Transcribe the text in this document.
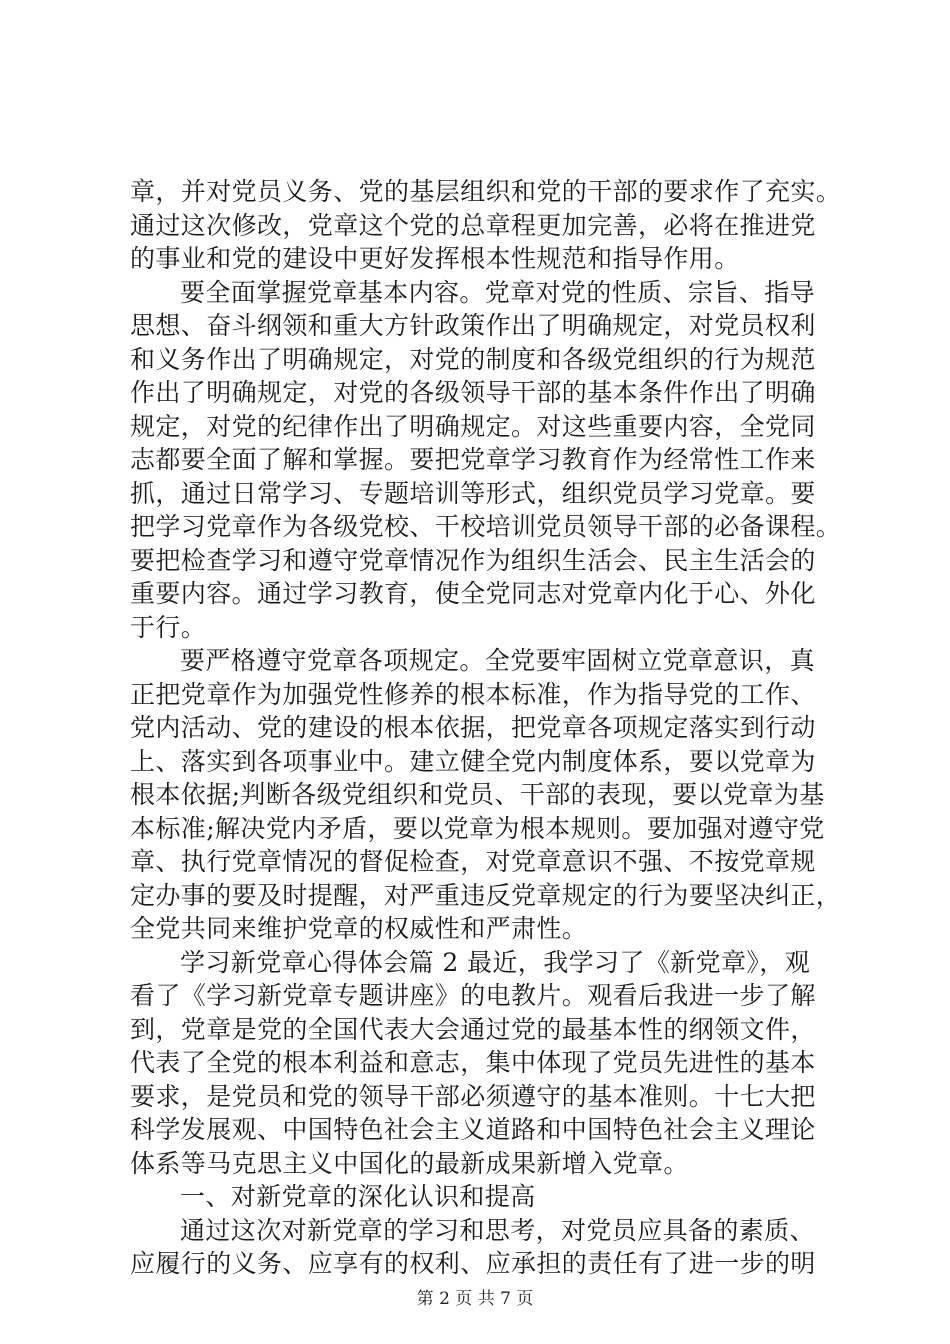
章，并对党员义务、党的基层组织和党的干部的要求作了充实。
通过这次修改，党章这个党的总章程更加完善，必将在推进党
的事业和党的建设中更好发挥根本性规范和指导作用。
要全面掌握党章基本内容。党章对党的性质、宗旨、指导
思想、奋斗纲领和重大方针政策作出了明确规定，对党员权利
和义务作出了明确规定，对党的制度和各级党组织的行为规范
作出了明确规定，对党的各级领导干部的基本条件作出了明确
规定，对党的纪律作出了明确规定。对这些重要内容，全党同
志都要全面了解和掌握。要把党章学习教育作为经常性工作来
抓，通过日常学习、专题培训等形式，组织党员学习党章。要
把学习党章作为各级党校、干校培训党员领导干部的必备课程。
要把检查学习和遵守党章情况作为组织生活会、民主生活会的
重要内容。通过学习教育，使全党同志对党章内化于心、外化
于行。
要严格遵守党章各项规定。全党要牢固树立党章意识，真
正把党章作为加强党性修养的根本标准，作为指导党的工作、
党内活动、党的建设的根本依据，把党章各项规定落实到行动
上、落实到各项事业中。建立健全党内制度体系，要以党章为
根本依据;判断各级党组织和党员、干部的表现，要以党章为基
本标准;解决党内矛盾，要以党章为根本规则。要加强对遵守党
章、执行党章情况的督促检查，对党章意识不强、不按党章规
定办事的要及时提醒，对严重违反党章规定的行为要坚决纠正，
全党共同来维护党章的权威性和严肃性。
学习新党章心得体会篇 2 最近，我学习了《新党章》，观
看了《学习新党章专题讲座》的电教片。观看后我进一步了解
到，党章是党的全国代表大会通过党的最基本性的纲领文件，
代表了全党的根本利益和意志，集中体现了党员先进性的基本
要求，是党员和党的领导干部必须遵守的基本准则。十七大把
科学发展观、中国特色社会主义道路和中国特色社会主义理论
体系等马克思主义中国化的最新成果新增入党章。
一、对新党章的深化认识和提高
通过这次对新党章的学习和思考，对党员应具备的素质、
应履行的义务、应享有的权利、应承担的责任有了进一步的明
第 2 页 共 7 页
